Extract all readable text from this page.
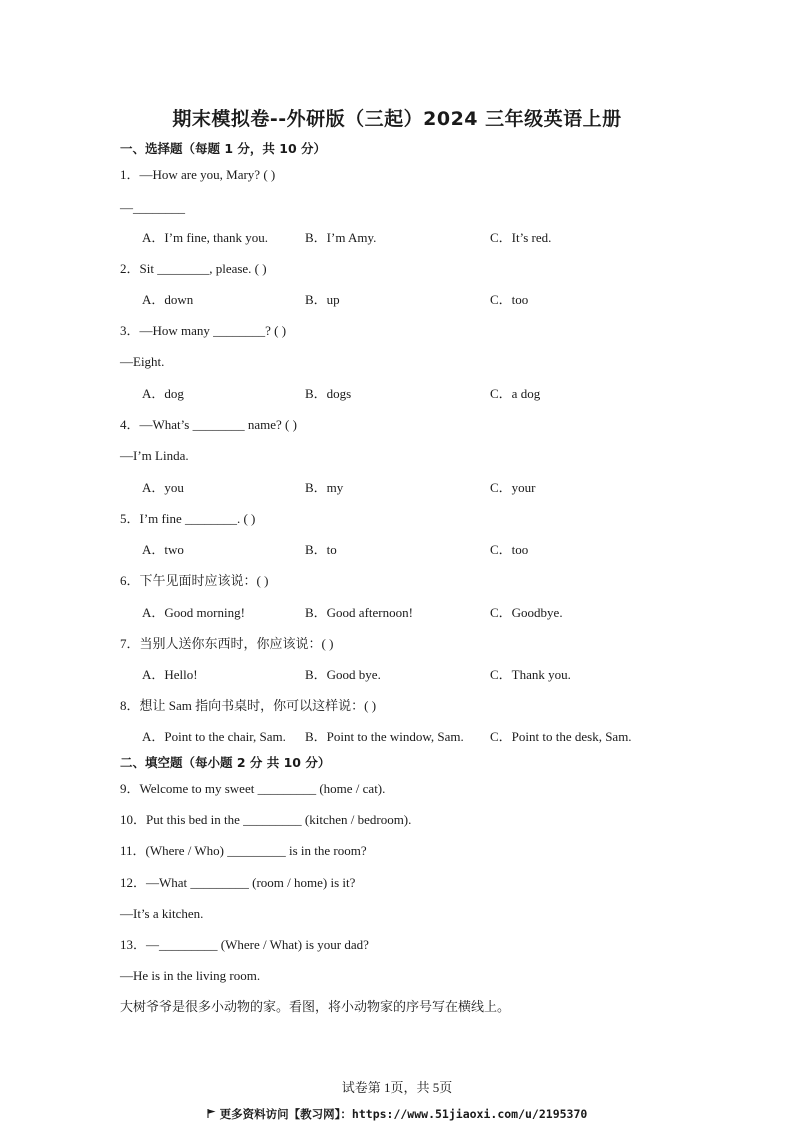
期末模拟卷--外研版（三起）2024 三年级英语上册
一、选择题（每题 1 分，共 10 分）
1．—How are you, Mary? ( )
—________
A．I’m fine, thank you.	B．I’m Amy.	C．It’s red.
2．Sit ________, please. ( )
A．down	B．up	C．too
3．—How many ________? ( )
—Eight.
A．dog	B．dogs	C．a dog
4．—What’s ________ name? ( )
—I’m Linda.
A．you	B．my	C．your
5．I’m fine ________. ( )
A．two	B．to	C．too
6．下午见面时应该说：( )
A．Good morning!	B．Good afternoon!	C．Goodbye.
7．当别人送你东西时，你应该说：( )
A．Hello!	B．Good bye.	C．Thank you.
8．想让 Sam 指向书桌时，你可以这样说：( )
A．Point to the chair, Sam. B．Point to the window, Sam. C．Point to the desk, Sam.
二、填空题（每小题 2 分 共 10 分）
9．Welcome to my sweet _________ (home / cat).
10．Put this bed in the _________ (kitchen / bedroom).
11．(Where / Who) _________ is in the room?
12．—What _________ (room / home) is it?
—It’s a kitchen.
13．—_________ (Where / What) is your dad?
—He is in the living room.
大树爷爷是很多小动物的家。看图，将小动物家的序号写在横线上。
试卷第 1页，共 5页
更多资料访问【教习网】：https://www.51jiaoxi.com/u/2195370
